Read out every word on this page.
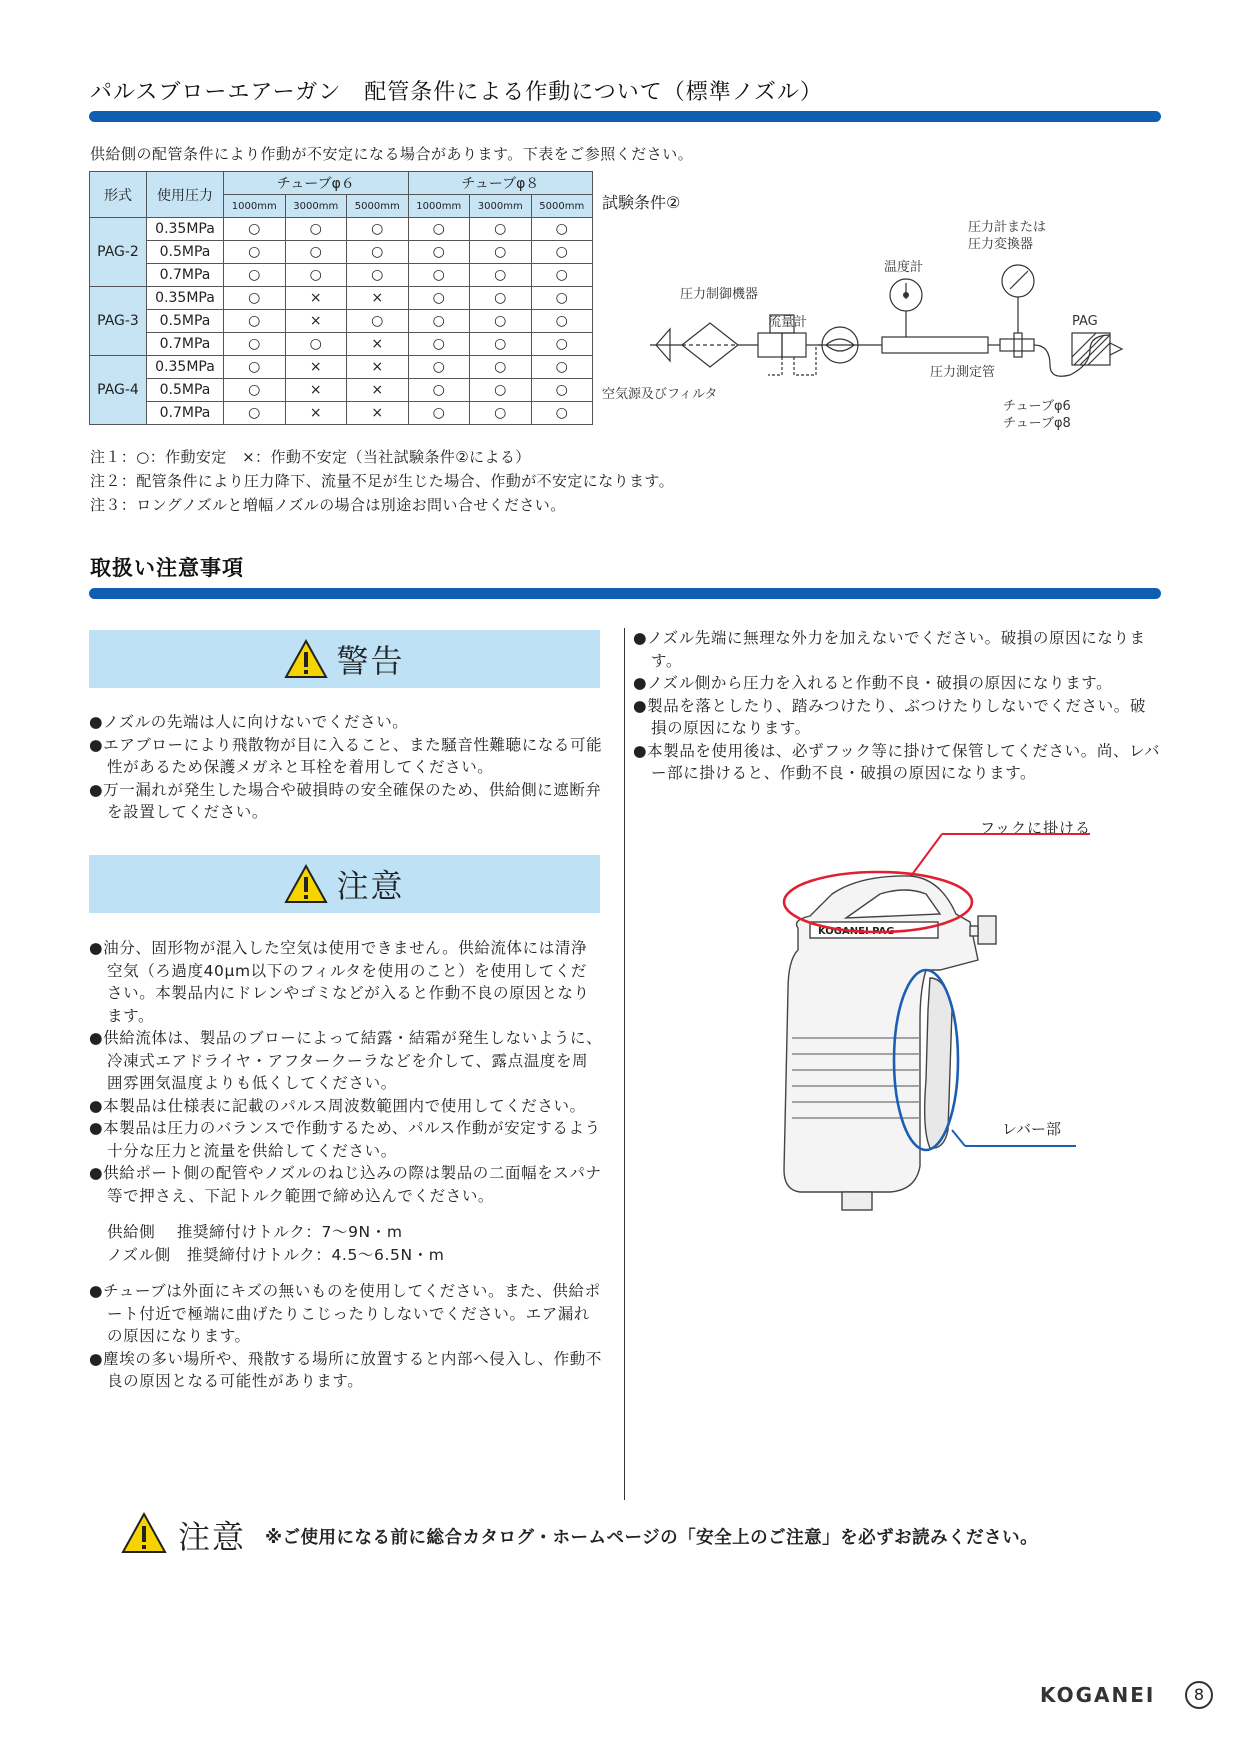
パルスブローエアーガン　配管条件による作動について（標準ノズル）
供給側の配管条件により作動が不安定になる場合があります。下表をご参照ください。
形式	使用圧力	チューブφ６			チューブφ８		
		1000mm	3000mm	5000mm	1000mm	3000mm	5000mm
PAG-2	0.35MPa	○	○	○	○	○	○
	0.5MPa	○	○	○	○	○	○
	0.7MPa	○	○	○	○	○	○
PAG-3	0.35MPa	○	×	×	○	○	○
	0.5MPa	○	×	○	○	○	○
	0.7MPa	○	○	×	○	○	○
PAG-4	0.35MPa	○	×	×	○	○	○
	0.5MPa	○	×	×	○	○	○
	0.7MPa	○	×	×	○	○	○
試験条件②
圧力計または
圧力変換器
温度計
圧力制御機器
流量計	PAG
空気源及びフィルタ
圧力測定管
チューブφ6
チューブφ8
注１：○：作動安定　×：作動不安定（当社試験条件②による）
注２：配管条件により圧力降下、流量不足が生じた場合、作動が不安定になります。
注３：ロングノズルと増幅ノズルの場合は別途お問い合せください。
取扱い注意事項
警告

●ノズルの先端は人に向けないでください。

●エアブローにより飛散物が目に入ること、また騒音性難聴になる可能性があるため保護メガネと耳栓を着用してください。

●万一漏れが発生した場合や破損時の安全確保のため、供給側に遮断弁を設置してください。

注意

●油分、固形物が混入した空気は使用できません。供給流体には清浄空気（ろ過度40μm以下のフィルタを使用のこと）を使用してください。本製品内にドレンやゴミなどが入ると作動不良の原因となります。

●供給流体は、製品のブローによって結露・結霜が発生しないように、冷凍式エアドライヤ・アフタークーラなどを介して、露点温度を周囲雰囲気温度よりも低くしてください。

●本製品は仕様表に記載のパルス周波数範囲内で使用してください。

●本製品は圧力のバランスで作動するため、パルス作動が安定するよう十分な圧力と流量を供給してください。

●供給ポート側の配管やノズルのねじ込みの際は製品の二面幅をスパナ等で押さえ、下記トルク範囲で締め込んでください。

供給側　 推奨締付けトルク：7〜9N・m

ノズル側　推奨締付けトルク：4.5〜6.5N・m

●チューブは外面にキズの無いものを使用してください。また、供給ポート付近で極端に曲げたりこじったりしないでください。エア漏れの原因になります。

●塵埃の多い場所や、飛散する場所に放置すると内部へ侵入し、作動不良の原因となる可能性があります。

●ノズル先端に無理な外力を加えないでください。破損の原因になります。

●ノズル側から圧力を入れると作動不良・破損の原因になります。

●製品を落としたり、踏みつけたり、ぶつけたりしないでください。破損の原因になります。

●本製品を使用後は、必ずフック等に掛けて保管してください。尚、レバー部に掛けると、作動不良・破損の原因になります。

フックに掛ける
レバー部
KOGANEI PAG
注意 ※ご使用になる前に総合カタログ・ホームページの「安全上のご注意」を必ずお読みください。
KOGANEI	8
